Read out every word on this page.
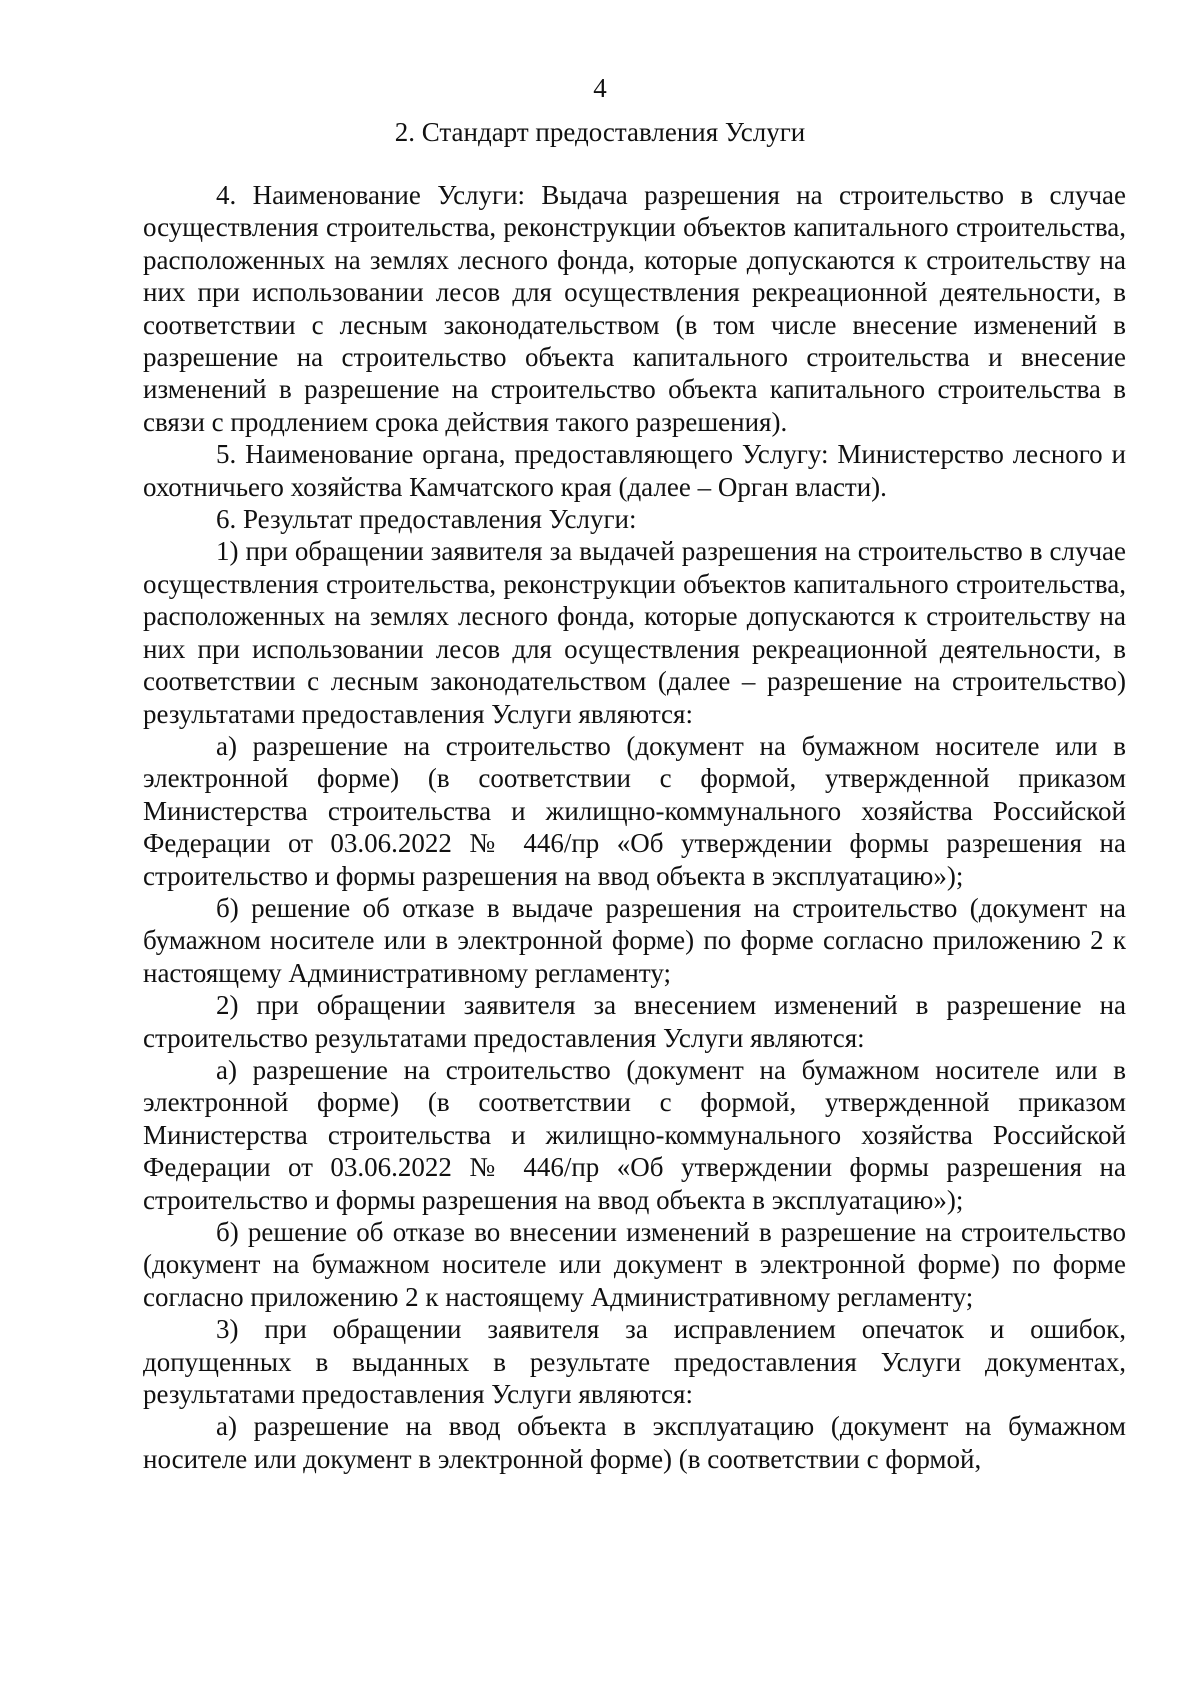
4

2. Стандарт предоставления Услуги

4. Наименование Услуги: Выдача разрешения на строительство в случае осуществления строительства, реконструкции объектов капитального строительства, расположенных на землях лесного фонда, которые допускаются к строительству на них при использовании лесов для осуществления рекреационной деятельности, в соответствии с лесным законодательством (в том числе внесение изменений в разрешение на строительство объекта капитального строительства и внесение изменений в разрешение на строительство объекта капитального строительства в связи с продлением срока действия такого разрешения).

5. Наименование органа, предоставляющего Услугу: Министерство лесного и охотничьего хозяйства Камчатского края (далее – Орган власти).

6. Результат предоставления Услуги:

1) при обращении заявителя за выдачей разрешения на строительство в случае осуществления строительства, реконструкции объектов капитального строительства, расположенных на землях лесного фонда, которые допускаются к строительству на них при использовании лесов для осуществления рекреационной деятельности, в соответствии с лесным законодательством (далее – разрешение на строительство) результатами предоставления Услуги являются:

а) разрешение на строительство (документ на бумажном носителе или в электронной форме) (в соответствии с формой, утвержденной приказом Министерства строительства и жилищно-коммунального хозяйства Российской Федерации от 03.06.2022 № 446/пр «Об утверждении формы разрешения на строительство и формы разрешения на ввод объекта в эксплуатацию»);

б) решение об отказе в выдаче разрешения на строительство (документ на бумажном носителе или в электронной форме) по форме согласно приложению 2 к настоящему Административному регламенту;

2) при обращении заявителя за внесением изменений в разрешение на строительство результатами предоставления Услуги являются:

а) разрешение на строительство (документ на бумажном носителе или в электронной форме) (в соответствии с формой, утвержденной приказом Министерства строительства и жилищно-коммунального хозяйства Российской Федерации от 03.06.2022 № 446/пр «Об утверждении формы разрешения на строительство и формы разрешения на ввод объекта в эксплуатацию»);

б) решение об отказе во внесении изменений в разрешение на строительство (документ на бумажном носителе или документ в электронной форме) по форме согласно приложению 2 к настоящему Административному регламенту;

3) при обращении заявителя за исправлением опечаток и ошибок, допущенных в выданных в результате предоставления Услуги документах, результатами предоставления Услуги являются:

а) разрешение на ввод объекта в эксплуатацию (документ на бумажном носителе или документ в электронной форме) (в соответствии с формой,
